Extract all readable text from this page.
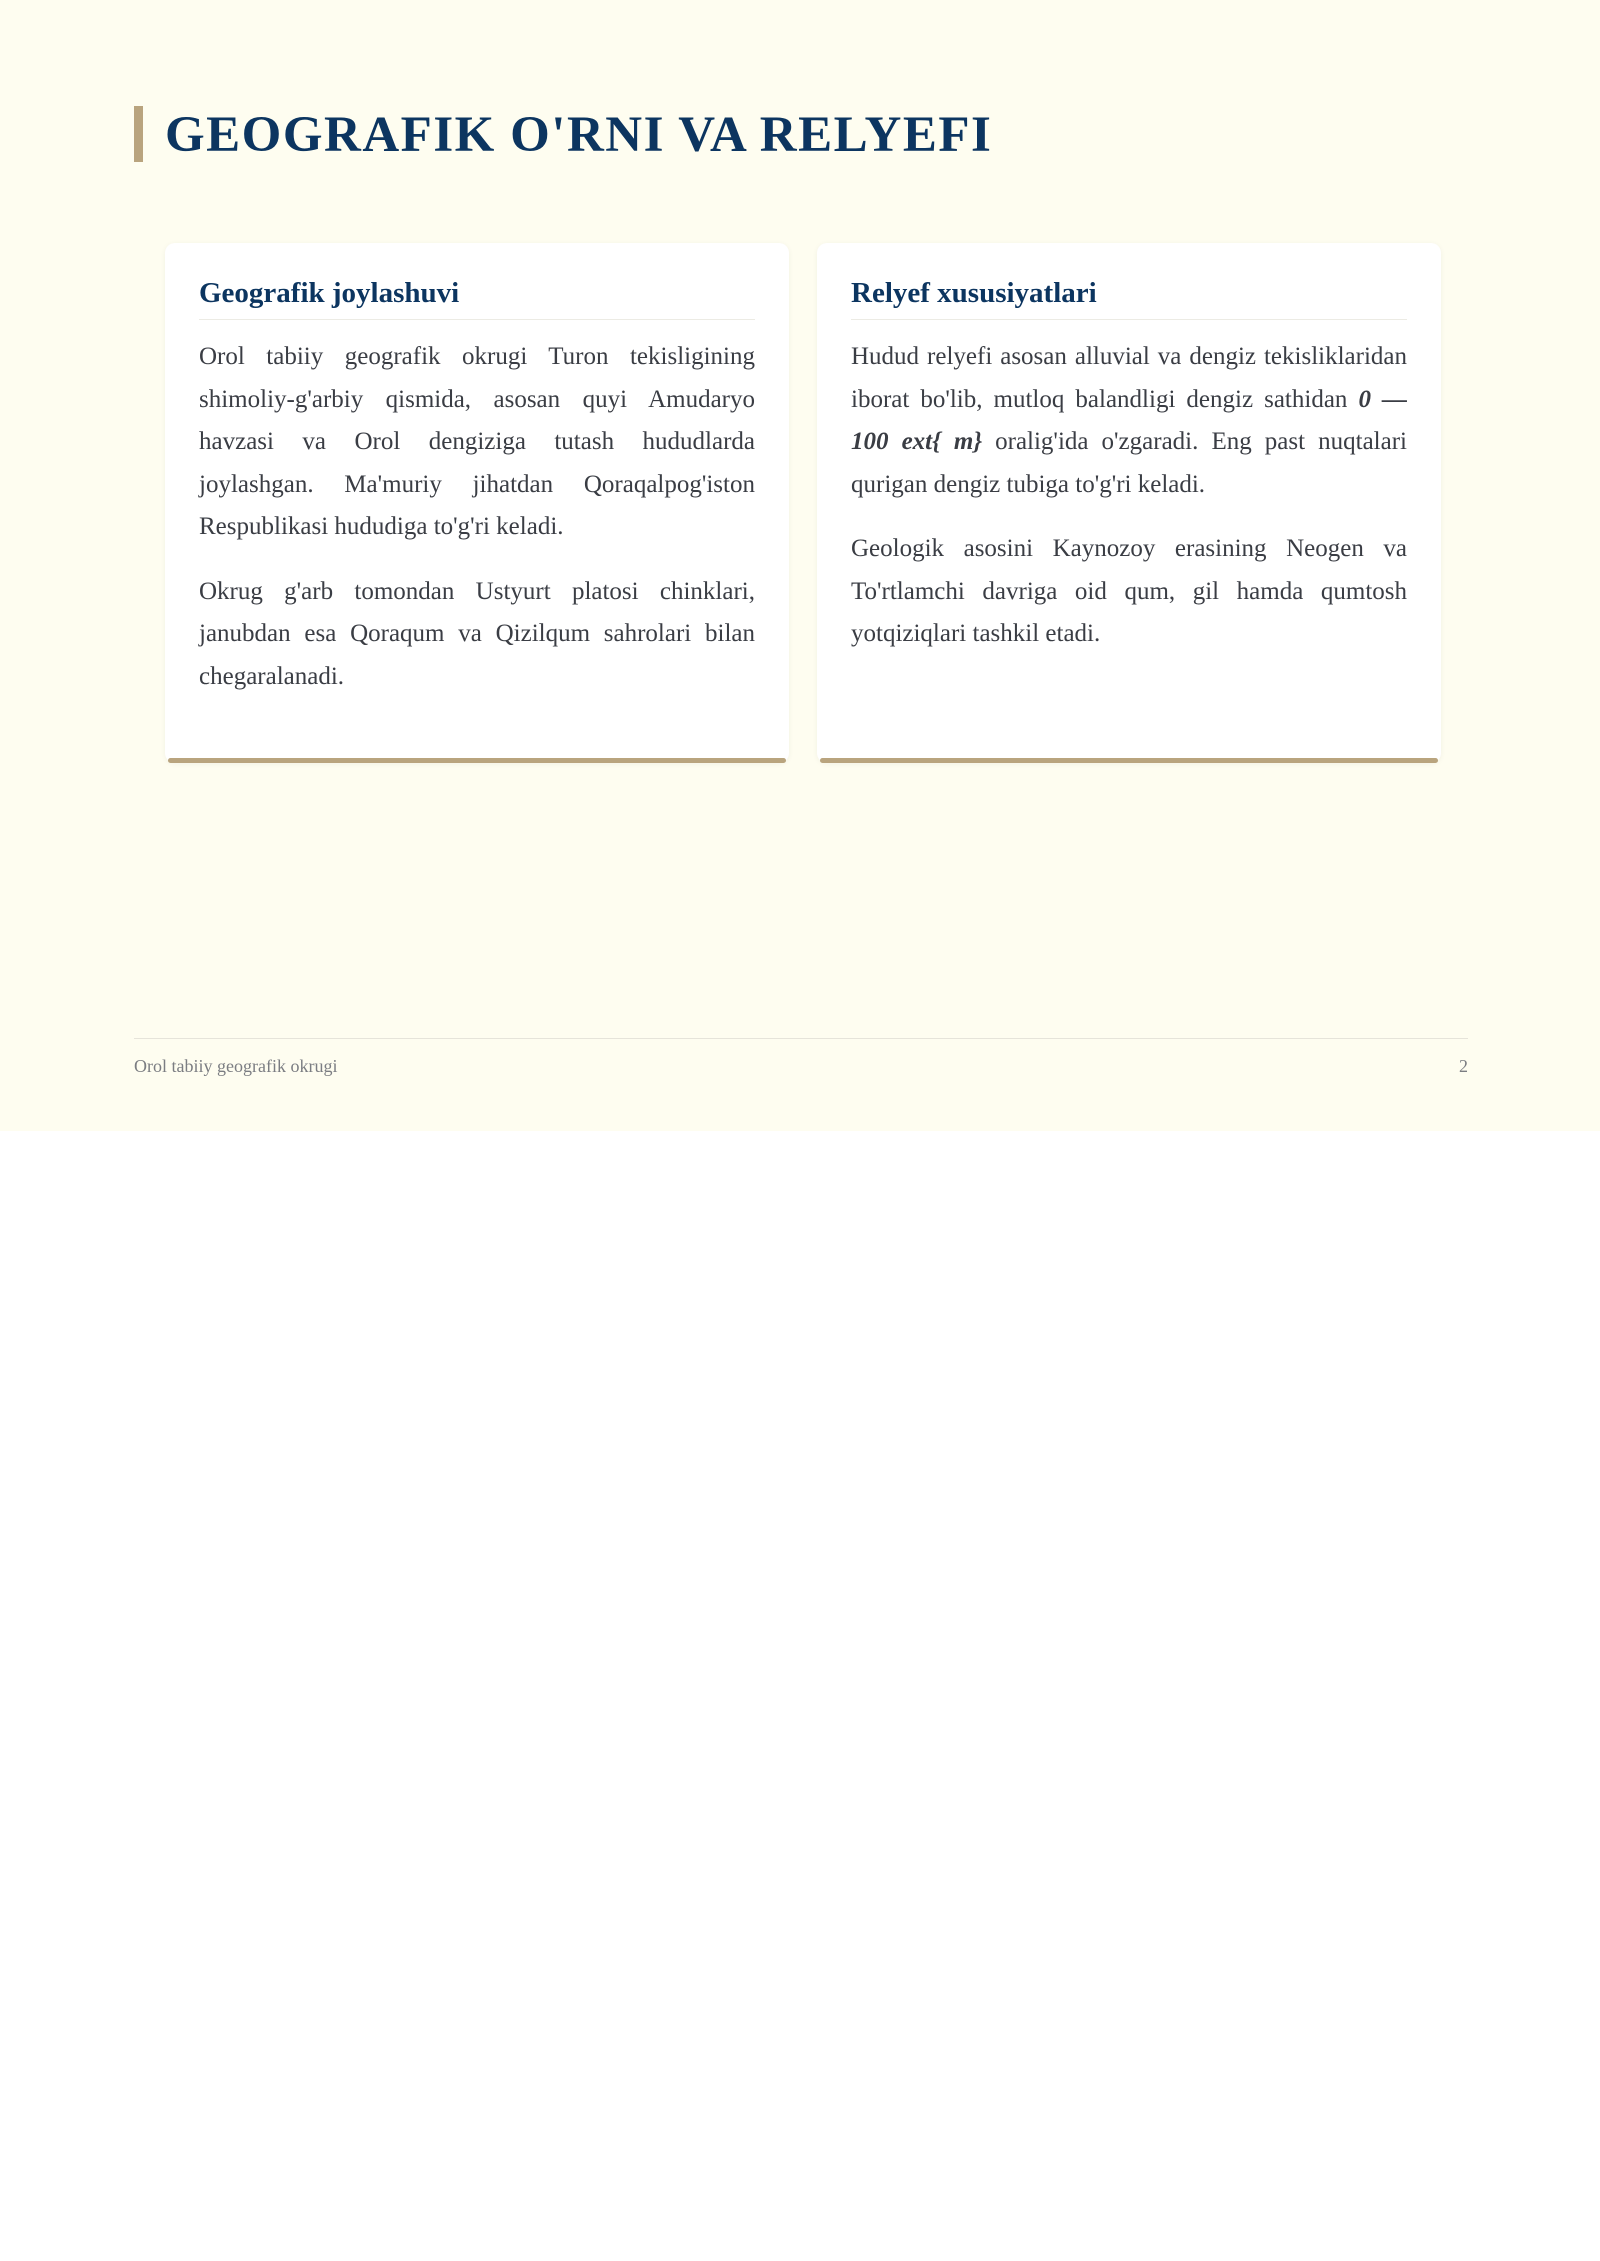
GEOGRAFIK O'RNI VA RELYEFI
Geografik joylashuvi

Orol tabiiy geografik okrugi Turon tekisligining shimoliy-g'arbiy qismida, asosan quyi Amudaryo havzasi va Orol dengiziga tutash hududlarda joylashgan. Ma'muriy jihatdan Qoraqalpog'iston Respublikasi hududiga to'g'ri keladi.

Okrug g'arb tomondan Ustyurt platosi chinklari, janubdan esa Qoraqum va Qizilqum sahrolari bilan chegaralanadi.

Relyef xususiyatlari

Hudud relyefi asosan alluvial va dengiz tekisliklaridan iborat bo'lib, mutloq balandligi dengiz sathidan 0 — 100 ext{ m} oralig'ida o'zgaradi. Eng past nuqtalari qurigan dengiz tubiga to'g'ri keladi.

Geologik asosini Kaynozoy erasining Neogen va To'rtlamchi davriga oid qum, gil hamda qumtosh yotqiziqlari tashkil etadi.

Orol tabiiy geografik okrugi	2
